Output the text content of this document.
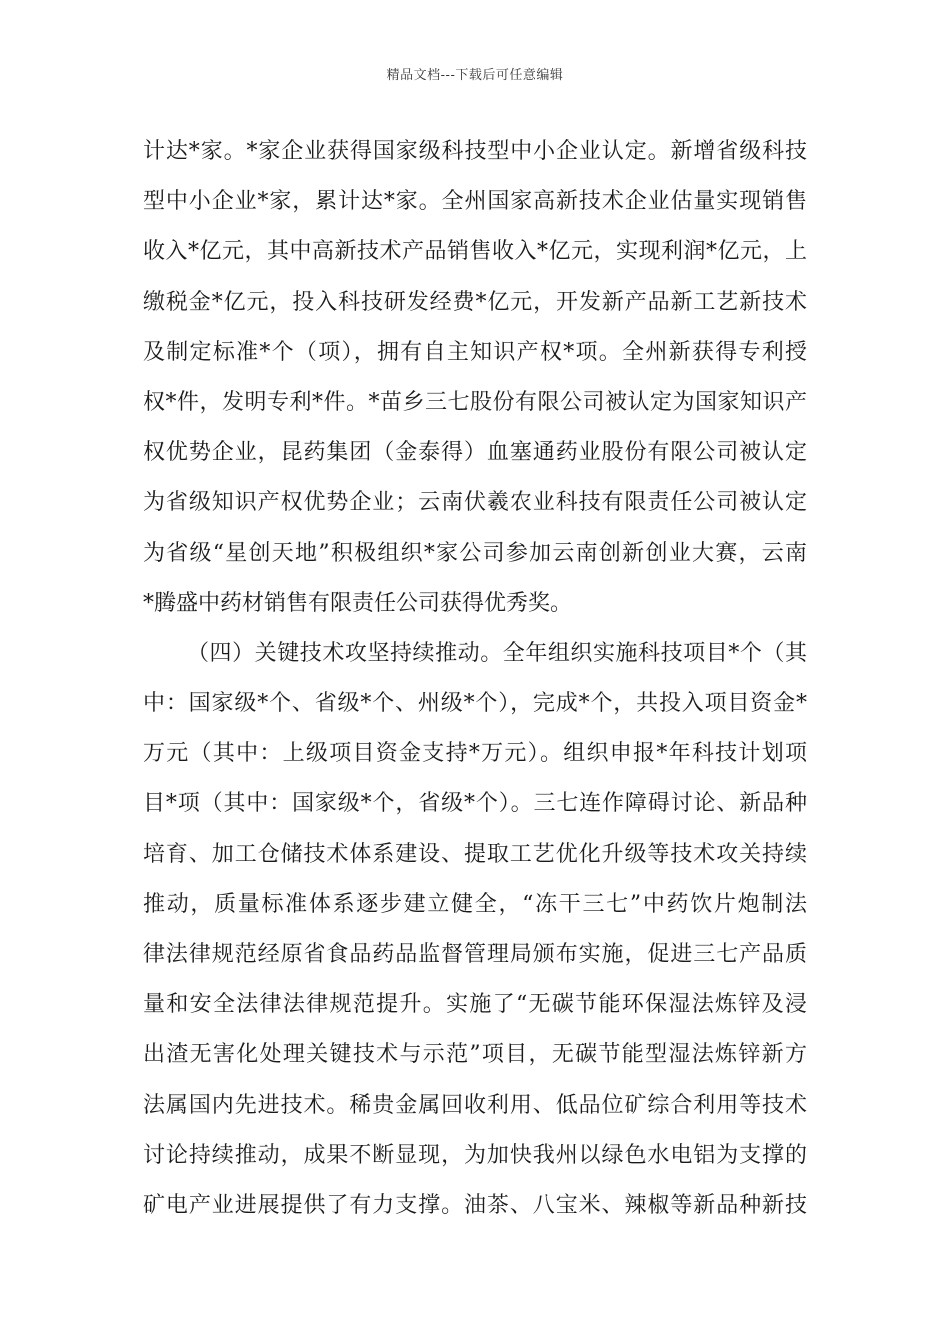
精品文档---下载后可任意编辑
计达*家。*家企业获得国家级科技型中小企业认定。新增省级科技
型中小企业*家，累计达*家。全州国家高新技术企业估量实现销售
收入*亿元，其中高新技术产品销售收入*亿元，实现利润*亿元，上
缴税金*亿元，投入科技研发经费*亿元，开发新产品新工艺新技术
及制定标准*个（项），拥有自主知识产权*项。全州新获得专利授
权*件，发明专利*件。*苗乡三七股份有限公司被认定为国家知识产
权优势企业，昆药集团（金泰得）血塞通药业股份有限公司被认定
为省级知识产权优势企业；云南伏羲农业科技有限责任公司被认定
为省级“星创天地”积极组织*家公司参加云南创新创业大赛，云南
*腾盛中药材销售有限责任公司获得优秀奖。
（四）关键技术攻坚持续推动。全年组织实施科技项目*个（其
中：国家级*个、省级*个、州级*个），完成*个，共投入项目资金*
万元（其中：上级项目资金支持*万元）。组织申报*年科技计划项
目*项（其中：国家级*个，省级*个）。三七连作障碍讨论、新品种
培育、加工仓储技术体系建设、提取工艺优化升级等技术攻关持续
推动，质量标准体系逐步建立健全，“冻干三七”中药饮片炮制法
律法律规范经原省食品药品监督管理局颁布实施，促进三七产品质
量和安全法律法律规范提升。实施了“无碳节能环保湿法炼锌及浸
出渣无害化处理关键技术与示范”项目，无碳节能型湿法炼锌新方
法属国内先进技术。稀贵金属回收利用、低品位矿综合利用等技术
讨论持续推动，成果不断显现，为加快我州以绿色水电铝为支撑的
矿电产业进展提供了有力支撑。油茶、八宝米、辣椒等新品种新技
